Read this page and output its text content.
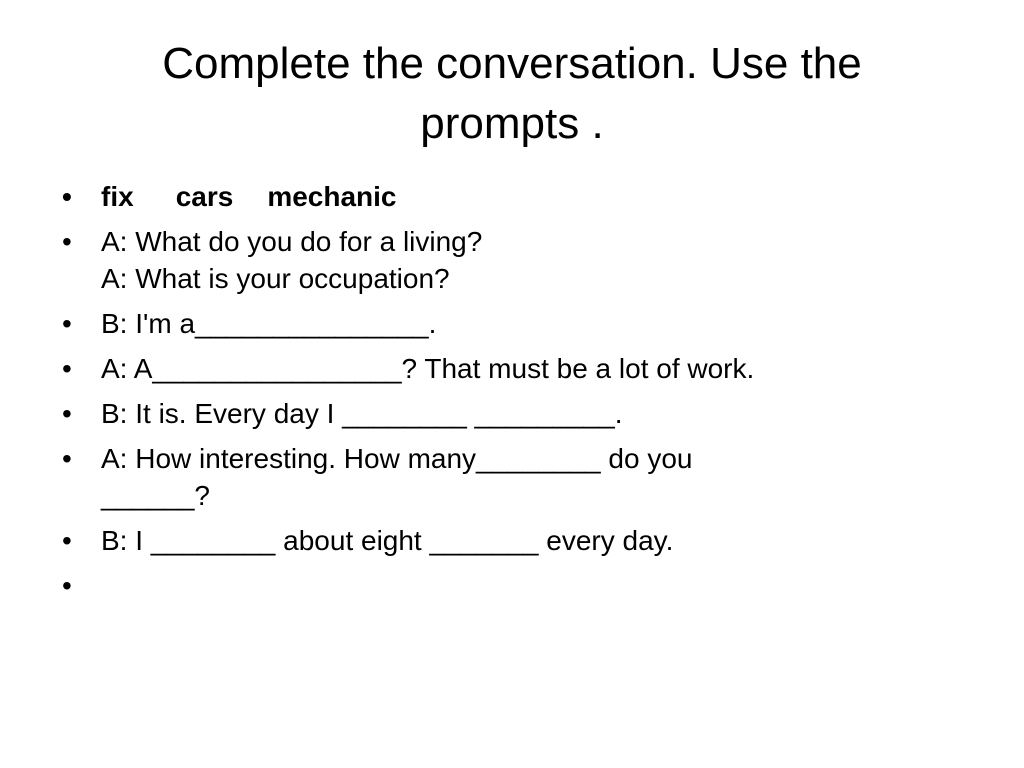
Complete the conversation. Use the
prompts .
•	fix cars mechanic
•	A: What do you do for a living?
A: What is your occupation?
•	B: I'm a_______________.
•	A: A________________? That must be a lot of work.
•	B: It is. Every day I ________ _________.
•	A: How interesting. How many________ do you
______?
•	B: I ________ about eight _______ every day.
•
